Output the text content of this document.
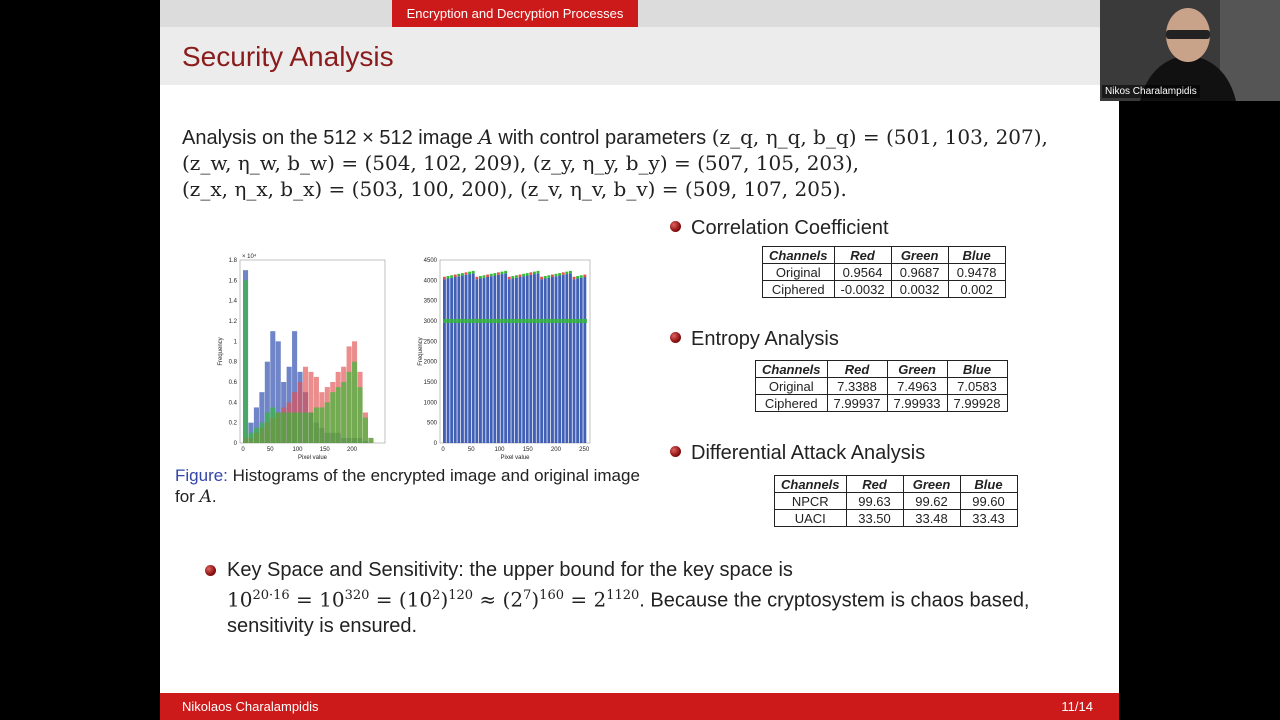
Encryption and Decryption Processes
Security Analysis

Analysis on the 512 × 512 image A with control parameters (z_q, η_q, b_q) = (501, 103, 207),

(z_w, η_w, b_w) = (504, 102, 209), (z_y, η_y, b_y) = (507, 105, 203),

(z_x, η_x, b_x) = (503, 100, 200), (z_v, η_v, b_v) = (509, 107, 205).

0
0.2
0.4
0.6
0.8
1
1.2
1.4
1.6
1.8
0	50	100	150	200
Pixel value
Frequency
× 10⁴
0
500
1000
1500
2000
2500
3000
3500
4000
4500
0	50	100	150	200	250
Pixel value
Frequency
Figure: Histograms of the encrypted image and original image for A.
Correlation Coefficient
Channels	Red	Green	Blue
Original	0.9564	0.9687	0.9478
Ciphered	-0.0032	0.0032	0.002
Entropy Analysis
Channels	Red	Green	Blue
Original	7.3388	7.4963	7.0583
Ciphered	7.99937	7.99933	7.99928
Differential Attack Analysis
Channels	Red	Green	Blue
NPCR	99.63	99.62	99.60
UACI	33.50	33.48	33.43
Key Space and Sensitivity: the upper bound for the key space is
$10^{20\cdot 16} = 10^{320} = (10^2)^{120} \approx (2^7)^{160} = 2^{1120}$. Because the cryptosystem is chaos based,
sensitivity is ensured.
Nikolaos Charalampidis	11/14
Nikos Charalampidis
